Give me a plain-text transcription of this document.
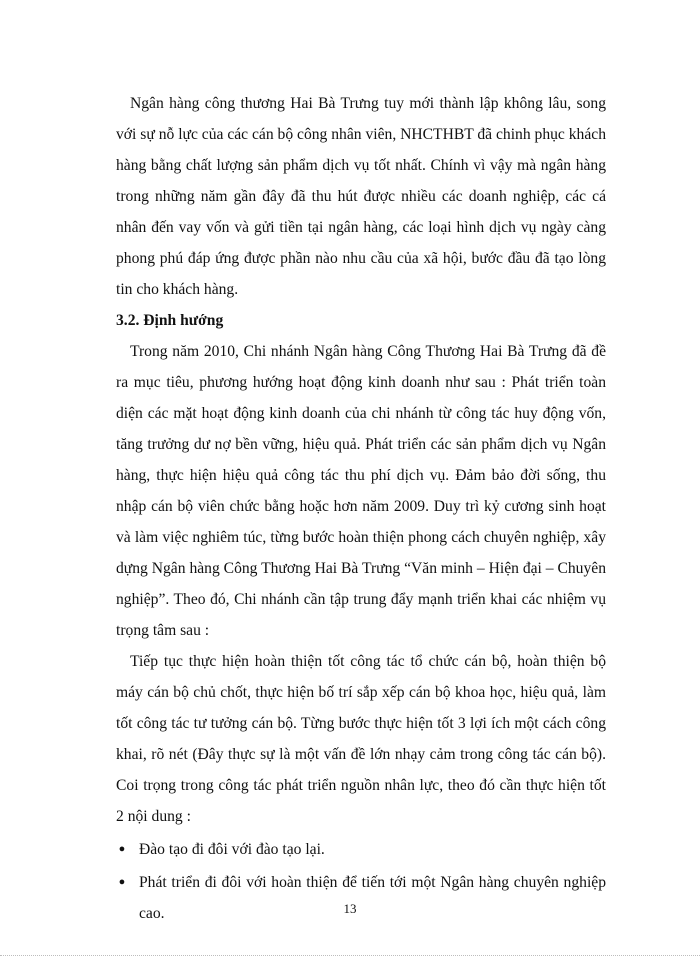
Ngân hàng công thương Hai Bà Trưng tuy mới thành lập không lâu, song với sự nỗ lực của các cán bộ công nhân viên, NHCTHBT đã chinh phục khách hàng bằng chất lượng sản phẩm dịch vụ tốt nhất. Chính vì vậy mà ngân hàng trong những năm gần đây đã thu hút được nhiều các doanh nghiệp, các cá nhân đến vay vốn và gửi tiền tại ngân hàng, các loại hình dịch vụ ngày càng phong phú đáp ứng được phần nào nhu cầu của xã hội, bước đầu đã tạo lòng tin cho khách hàng.

3.2. Định hướng

Trong năm 2010, Chi nhánh Ngân hàng Công Thương Hai Bà Trưng đã đề ra mục tiêu, phương hướng hoạt động kinh doanh như sau : Phát triển toàn diện các mặt hoạt động kinh doanh của chi nhánh từ công tác huy động vốn, tăng trưởng dư nợ bền vững, hiệu quả. Phát triển các sản phẩm dịch vụ Ngân hàng, thực hiện hiệu quả công tác thu phí dịch vụ. Đảm bảo đời sống, thu nhập cán bộ viên chức bằng hoặc hơn năm 2009. Duy trì kỷ cương sinh hoạt và làm việc nghiêm túc, từng bước hoàn thiện phong cách chuyên nghiệp, xây dựng Ngân hàng Công Thương Hai Bà Trưng “Văn minh – Hiện đại – Chuyên nghiệp”. Theo đó, Chi nhánh cần tập trung đẩy mạnh triển khai các nhiệm vụ trọng tâm sau :

Tiếp tục thực hiện hoàn thiện tốt công tác tổ chức cán bộ, hoàn thiện bộ máy cán bộ chủ chốt, thực hiện bố trí sắp xếp cán bộ khoa học, hiệu quả, làm tốt công tác tư tưởng cán bộ. Từng bước thực hiện tốt 3 lợi ích một cách công khai, rõ nét (Đây thực sự là một vấn đề lớn nhạy cảm trong công tác cán bộ). Coi trọng trong công tác phát triển nguồn nhân lực, theo đó cần thực hiện tốt 2 nội dung :

● Đào tạo đi đôi với đào tạo lại.
● Phát triển đi đôi với hoàn thiện để tiến tới một Ngân hàng chuyên nghiệp cao.	13
